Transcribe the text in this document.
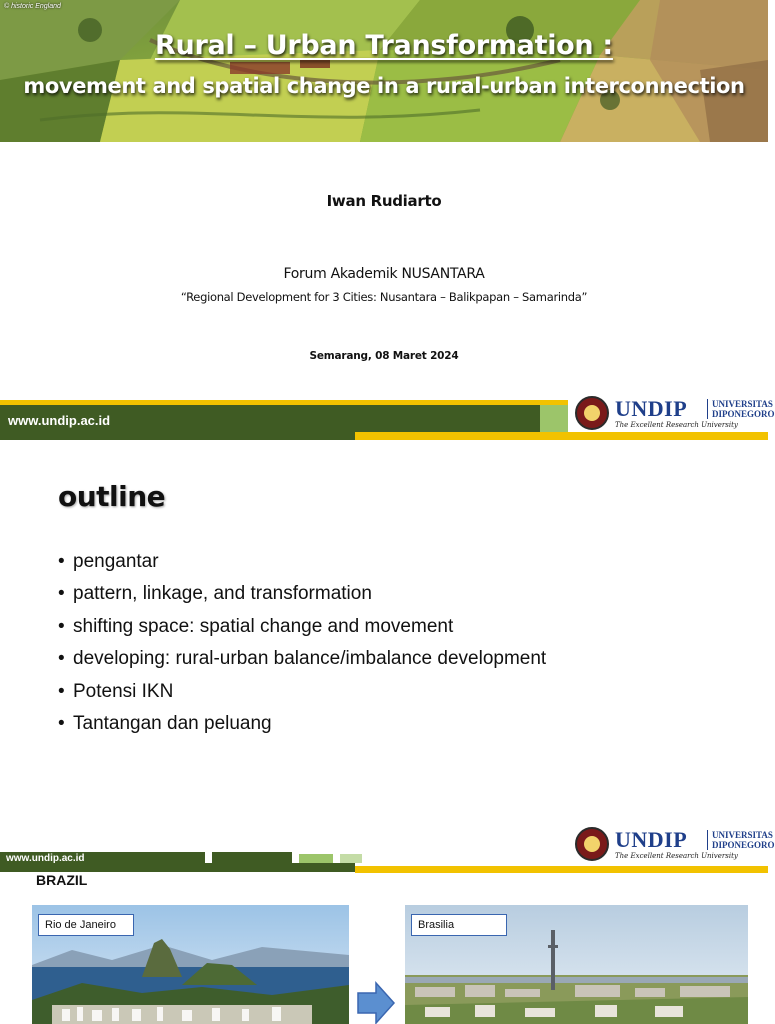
© historic England
Rural – Urban Transformation :
movement and spatial change in a rural-urban interconnection
Iwan Rudiarto
Forum Akademik NUSANTARA
“Regional Development for 3 Cities: Nusantara – Balikpapan – Samarinda”
Semarang, 08 Maret 2024
www.undip.ac.id	UNDIP	UNIVERSITAS
DIPONEGORO
The Excellent Research University
outline
• pengantar
• pattern, linkage, and transformation
• shifting space: spatial change and movement
• developing: rural-urban balance/imbalance development
• Potensi IKN
• Tantangan dan peluang
www.undip.ac.id
UNDIP	UNIVERSITAS
DIPONEGORO
The Excellent Research University
BRAZIL
Rio de Janeiro	Brasilia
